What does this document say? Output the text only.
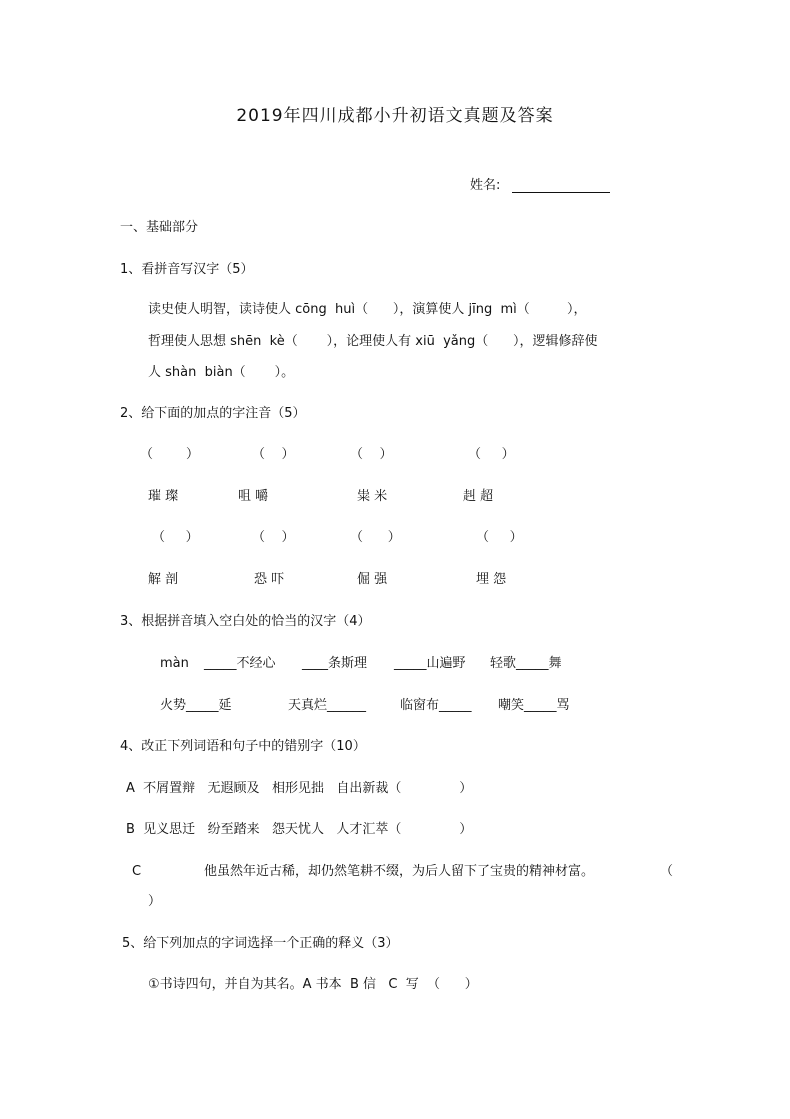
2019年四川成都小升初语文真题及答案
姓名:
一、基础部分
1、看拼音写汉字（5）
读史使人明智，读诗使人 cōng  huì（      ），演算使人 jīng  mì（         ），
哲理使人思想 shēn  kè（       ），论理使人有 xiū  yǎng（      ），逻辑修辞使
人 shàn  biàn（       ）。
2、给下面的加点的字注音（5）
（        ）	（    ）	（    ）	（     ）
璀 璨	咀 嚼	粜 米	赳 超
（     ）	（    ）	（      ）	（     ）
解 剖	恐 吓	倔 强	埋 怨
3、根据拼音填入空白处的恰当的汉字（4）
màn _____不经心 ____条斯理 _____山遍野 轻歌_____舞
火势_____延	天真烂______	临窗布_____ 嘲笑_____骂
4、改正下列词语和句子中的错别字（10）
A  不屑置辩   无遐顾及   相形见拙   自出新裁（              ）
B  见义思迁   纷至踏来   怨天忧人   人才汇萃（              ）
C	他虽然年近古稀，却仍然笔耕不缀，为后人留下了宝贵的精神材富。	（
）
5、给下列加点的字词选择一个正确的释义（3）
①书诗四句，并自为其名。A 书本  B 信   C  写  （      ）
